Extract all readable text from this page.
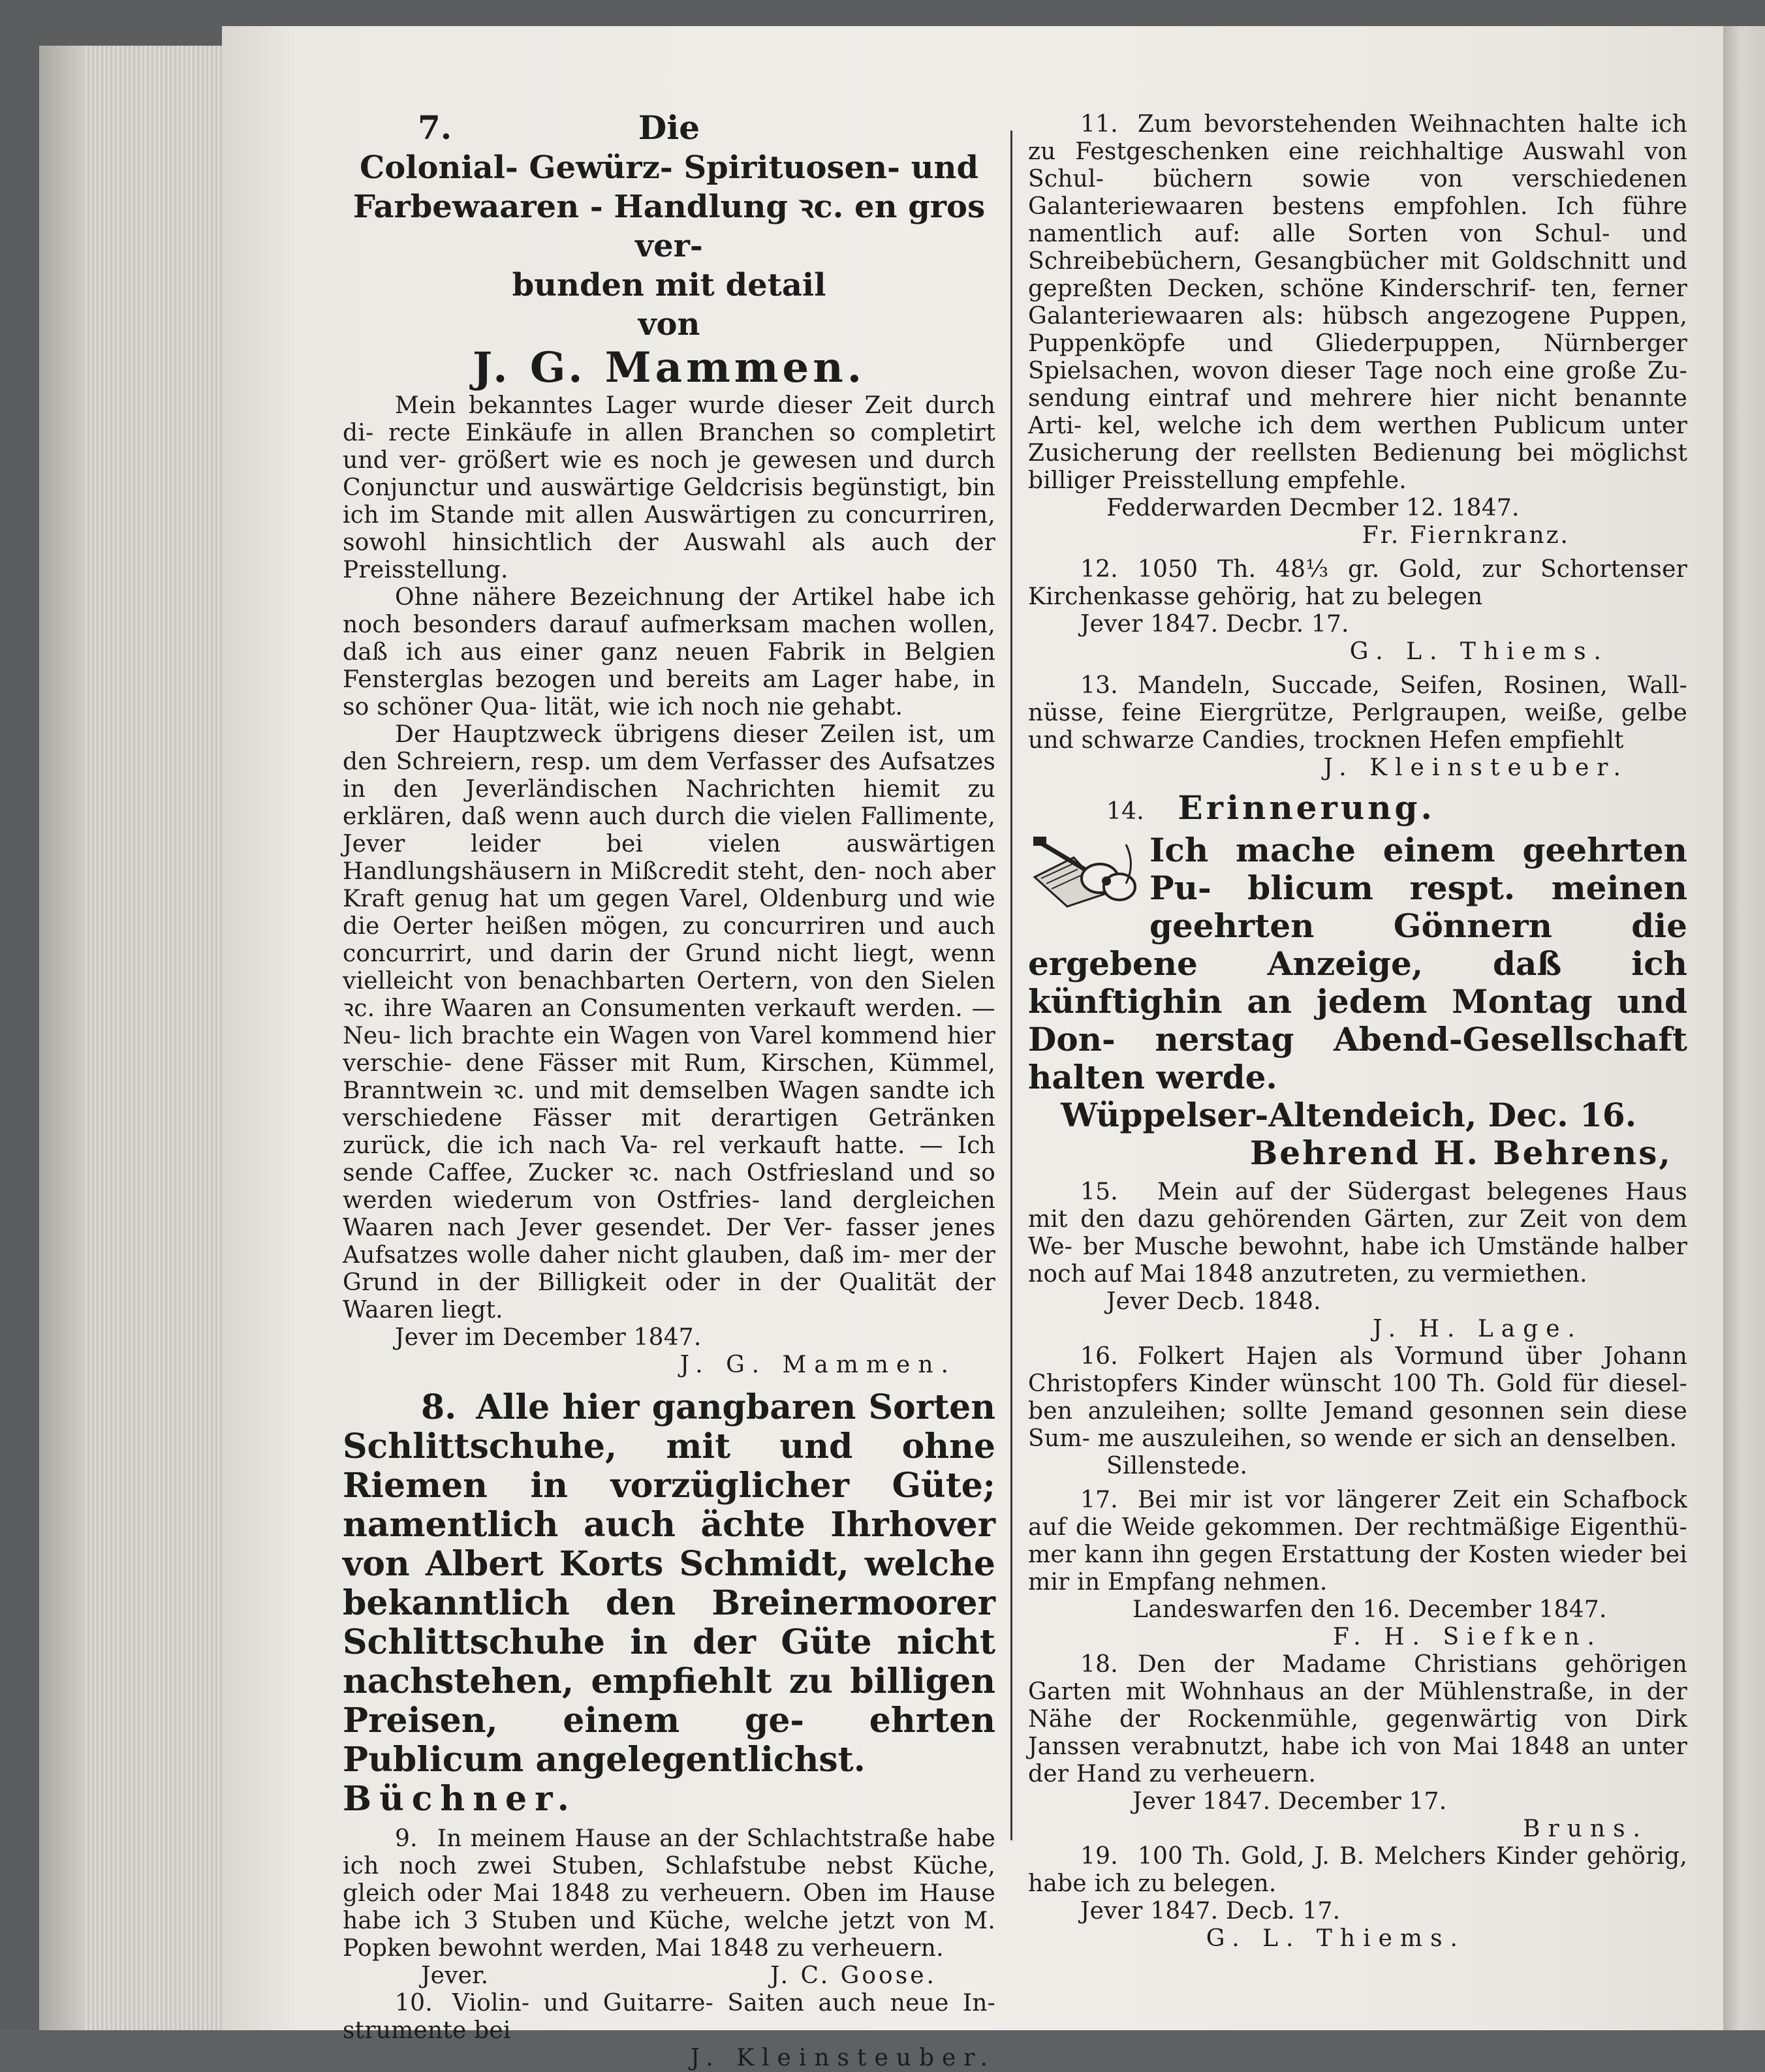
7.	Die

Colonial- Gewürz- Spirituosen- und

Farbewaaren - Handlung ꝛc. en gros ver-

bunden mit detail

von

J. G. Mammen.

Mein bekanntes Lager wurde dieser Zeit durch di- recte Einkäufe in allen Branchen so completirt und ver- größert wie es noch je gewesen und durch Conjunctur und auswärtige Geldcrisis begünstigt, bin ich im Stande mit allen Auswärtigen zu concurriren, sowohl hinsichtlich der Auswahl als auch der Preisstellung.

Ohne nähere Bezeichnung der Artikel habe ich noch besonders darauf aufmerksam machen wollen, daß ich aus einer ganz neuen Fabrik in Belgien Fensterglas bezogen und bereits am Lager habe, in so schöner Qua- lität, wie ich noch nie gehabt.

Der Hauptzweck übrigens dieser Zeilen ist, um den Schreiern, resp. um dem Verfasser des Aufsatzes in den Jeverländischen Nachrichten hiemit zu erklären, daß wenn auch durch die vielen Fallimente, Jever leider bei vielen auswärtigen Handlungshäusern in Mißcredit steht, den- noch aber Kraft genug hat um gegen Varel, Oldenburg und wie die Oerter heißen mögen, zu concurriren und auch concurrirt, und darin der Grund nicht liegt, wenn vielleicht von benachbarten Oertern, von den Sielen ꝛc. ihre Waaren an Consumenten verkauft werden. — Neu- lich brachte ein Wagen von Varel kommend hier verschie- dene Fässer mit Rum, Kirschen, Kümmel, Branntwein ꝛc. und mit demselben Wagen sandte ich verschiedene Fässer mit derartigen Getränken zurück, die ich nach Va- rel verkauft hatte. — Ich sende Caffee, Zucker ꝛc. nach Ostfriesland und so werden wiederum von Ostfries- land dergleichen Waaren nach Jever gesendet. Der Ver- fasser jenes Aufsatzes wolle daher nicht glauben, daß im- mer der Grund in der Billigkeit oder in der Qualität der Waaren liegt.

Jever im December 1847.

J. G. Mammen.

8. Alle hier gangbaren Sorten Schlittschuhe, mit und ohne Riemen in vorzüglicher Güte; namentlich auch ächte Ihrhover von Albert Korts Schmidt, welche bekanntlich den Breinermoorer Schlittschuhe in der Güte nicht nachstehen, empfiehlt zu billigen Preisen, einem ge- ehrten Publicum angelegentlichst.

Büchner.

9. In meinem Hause an der Schlachtstraße habe ich noch zwei Stuben, Schlafstube nebst Küche, gleich oder Mai 1848 zu verheuern. Oben im Hause habe ich 3 Stuben und Küche, welche jetzt von M. Popken bewohnt werden, Mai 1848 zu verheuern.

Jever.	J. C. Goose.

10. Violin- und Guitarre- Saiten auch neue In- strumente bei

J. Kleinsteuber.

11. Zum bevorstehenden Weihnachten halte ich zu Festgeschenken eine reichhaltige Auswahl von Schul- büchern sowie von verschiedenen Galanteriewaaren bestens empfohlen. Ich führe namentlich auf: alle Sorten von Schul- und Schreibebüchern, Gesangbücher mit Goldschnitt und gepreßten Decken, schöne Kinderschrif- ten, ferner Galanteriewaaren als: hübsch angezogene Puppen, Puppenköpfe und Gliederpuppen, Nürnberger Spielsachen, wovon dieser Tage noch eine große Zu- sendung eintraf und mehrere hier nicht benannte Arti- kel, welche ich dem werthen Publicum unter Zusicherung der reellsten Bedienung bei möglichst billiger Preisstellung empfehle.

Fedderwarden Decmber 12. 1847.

Fr. Fiernkranz.

12. 1050 Th. 48⅓ gr. Gold, zur Schortenser Kirchenkasse gehörig, hat zu belegen

Jever 1847. Decbr. 17.

G. L. Thiems.

13. Mandeln, Succade, Seifen, Rosinen, Wall- nüsse, feine Eiergrütze, Perlgraupen, weiße, gelbe und schwarze Candies, trocknen Hefen empfiehlt

J. Kleinsteuber.

14. Erinnerung.

Ich mache einem geehrten Pu- blicum respt. meinen geehrten Gönnern die ergebene Anzeige, daß ich künftighin an jedem Montag und Don- nerstag Abend-Gesellschaft halten werde.

Wüppelser-Altendeich, Dec. 16.

Behrend H. Behrens,

15. Mein auf der Südergast belegenes Haus mit den dazu gehörenden Gärten, zur Zeit von dem We- ber Musche bewohnt, habe ich Umstände halber noch auf Mai 1848 anzutreten, zu vermiethen.

Jever Decb. 1848.

J. H. Lage.

16. Folkert Hajen als Vormund über Johann Christopfers Kinder wünscht 100 Th. Gold für diesel- ben anzuleihen; sollte Jemand gesonnen sein diese Sum- me auszuleihen, so wende er sich an denselben.

Sillenstede.

17. Bei mir ist vor längerer Zeit ein Schafbock auf die Weide gekommen. Der rechtmäßige Eigenthü- mer kann ihn gegen Erstattung der Kosten wieder bei mir in Empfang nehmen.

Landeswarfen den 16. December 1847.

F. H. Siefken.

18. Den der Madame Christians gehörigen Garten mit Wohnhaus an der Mühlenstraße, in der Nähe der Rockenmühle, gegenwärtig von Dirk Janssen verabnutzt, habe ich von Mai 1848 an unter der Hand zu verheuern.

Jever 1847. December 17.

Bruns.

19. 100 Th. Gold, J. B. Melchers Kinder gehörig, habe ich zu belegen.

Jever 1847. Decb. 17.

G. L. Thiems.
